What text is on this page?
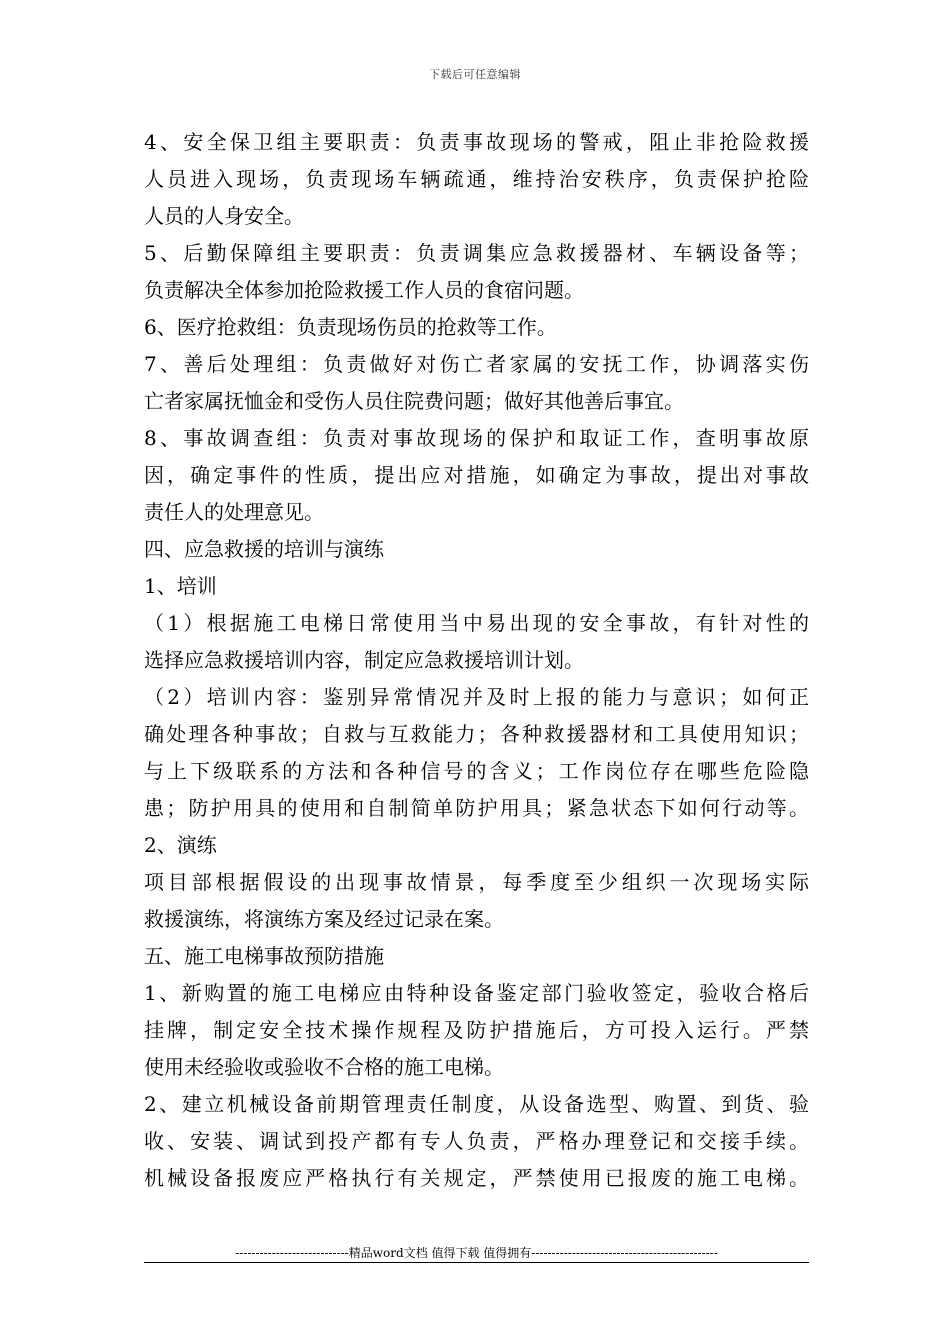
下载后可任意编辑
4、安全保卫组主要职责：负责事故现场的警戒，阻止非抢险救援
人员进入现场，负责现场车辆疏通，维持治安秩序，负责保护抢险
人员的人身安全。
5、后勤保障组主要职责：负责调集应急救援器材、车辆设备等；
负责解决全体参加抢险救援工作人员的食宿问题。
6、医疗抢救组：负责现场伤员的抢救等工作。
7、善后处理组：负责做好对伤亡者家属的安抚工作，协调落实伤
亡者家属抚恤金和受伤人员住院费问题；做好其他善后事宜。
8、事故调查组：负责对事故现场的保护和取证工作，查明事故原
因，确定事件的性质，提出应对措施，如确定为事故，提出对事故
责任人的处理意见。
四、应急救援的培训与演练
1、培训
（1）根据施工电梯日常使用当中易出现的安全事故，有针对性的
选择应急救援培训内容，制定应急救援培训计划。
（2）培训内容：鉴别异常情况并及时上报的能力与意识；如何正
确处理各种事故；自救与互救能力；各种救援器材和工具使用知识；
与上下级联系的方法和各种信号的含义；工作岗位存在哪些危险隐
患；防护用具的使用和自制简单防护用具；紧急状态下如何行动等。
2、演练
项目部根据假设的出现事故情景，每季度至少组织一次现场实际
救援演练，将演练方案及经过记录在案。
五、施工电梯事故预防措施
1、新购置的施工电梯应由特种设备鉴定部门验收签定，验收合格后
挂牌，制定安全技术操作规程及防护措施后，方可投入运行。严禁
使用未经验收或验收不合格的施工电梯。
2、建立机械设备前期管理责任制度，从设备选型、购置、到货、验
收、安装、调试到投产都有专人负责，严格办理登记和交接手续。
机械设备报废应严格执行有关规定，严禁使用已报废的施工电梯。
----------------------------精品word文档 值得下载 值得拥有----------------------------------------------
